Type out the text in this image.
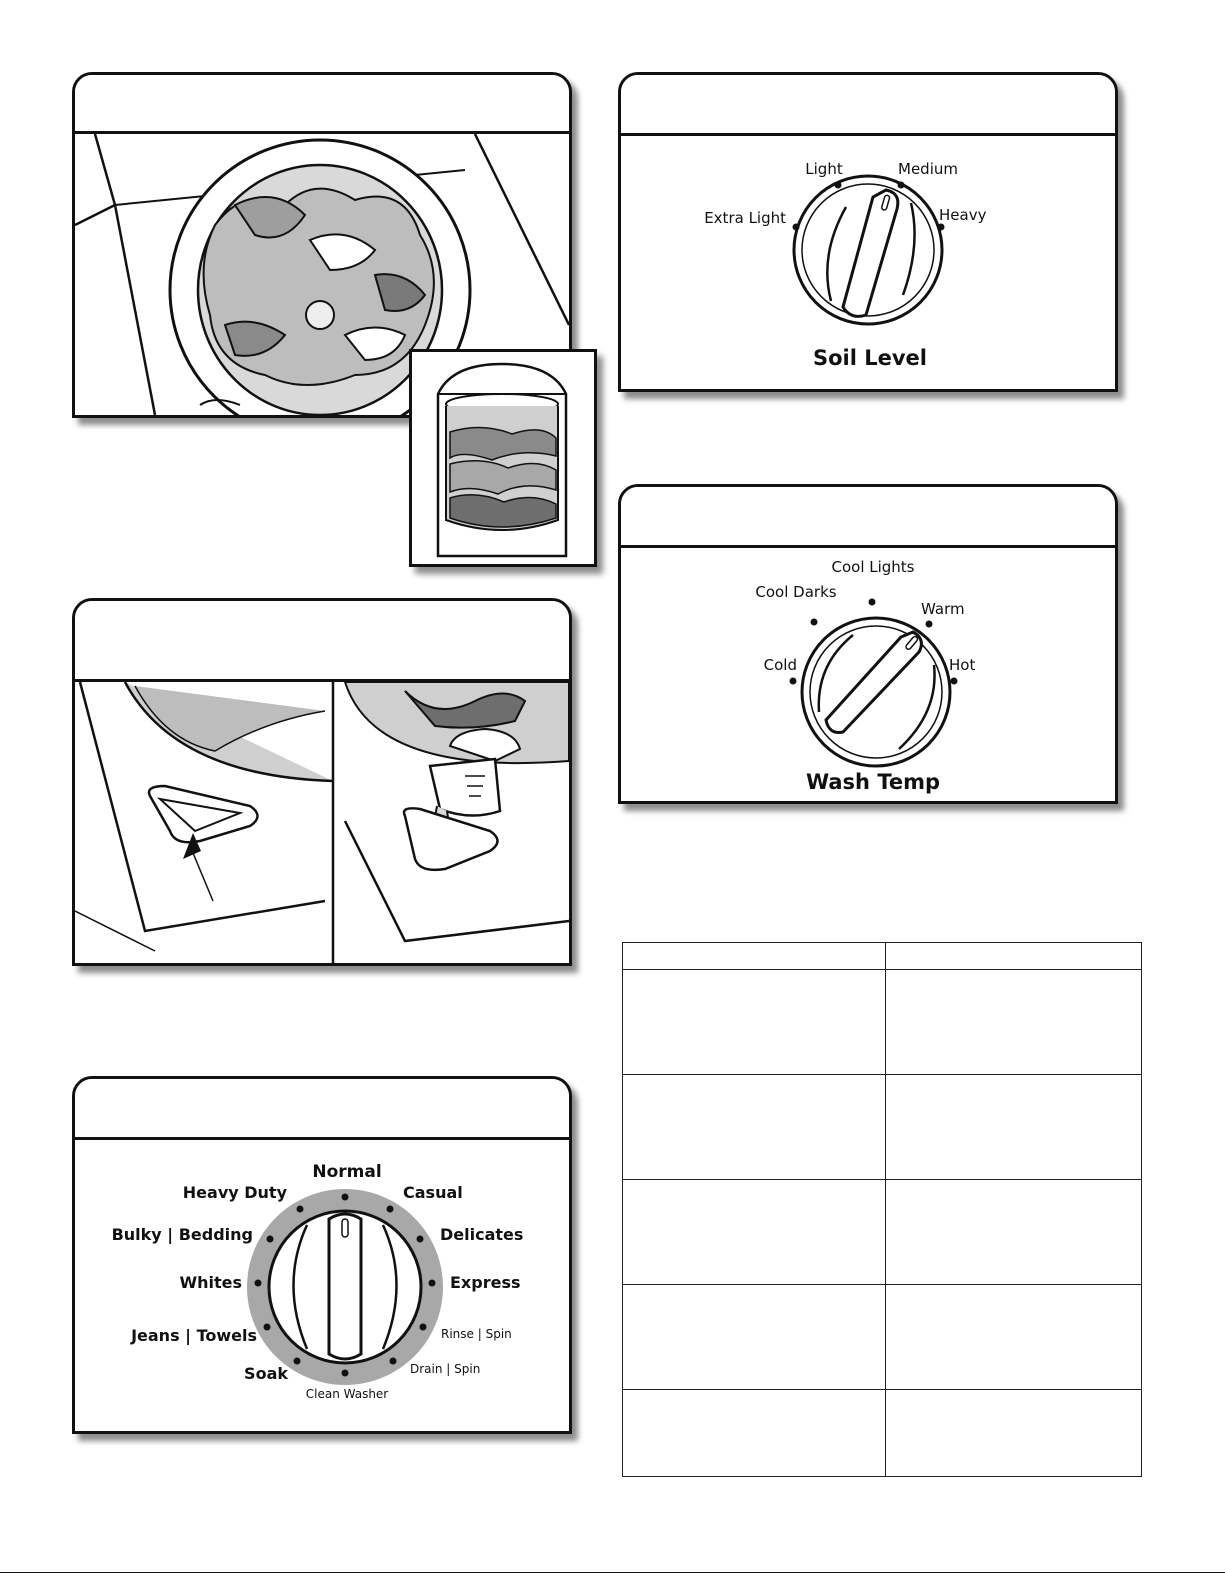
Normal
Heavy Duty
Bulky | Bedding
Whites
Jeans | Towels
Soak
Casual
Delicates
Express
Rinse | Spin
Drain | Spin
Clean Washer
Extra Light
Light	Medium
Heavy
Soil Level
Cold
Cool Darks
Cool Lights
Warm
Hot
Wash Temp
